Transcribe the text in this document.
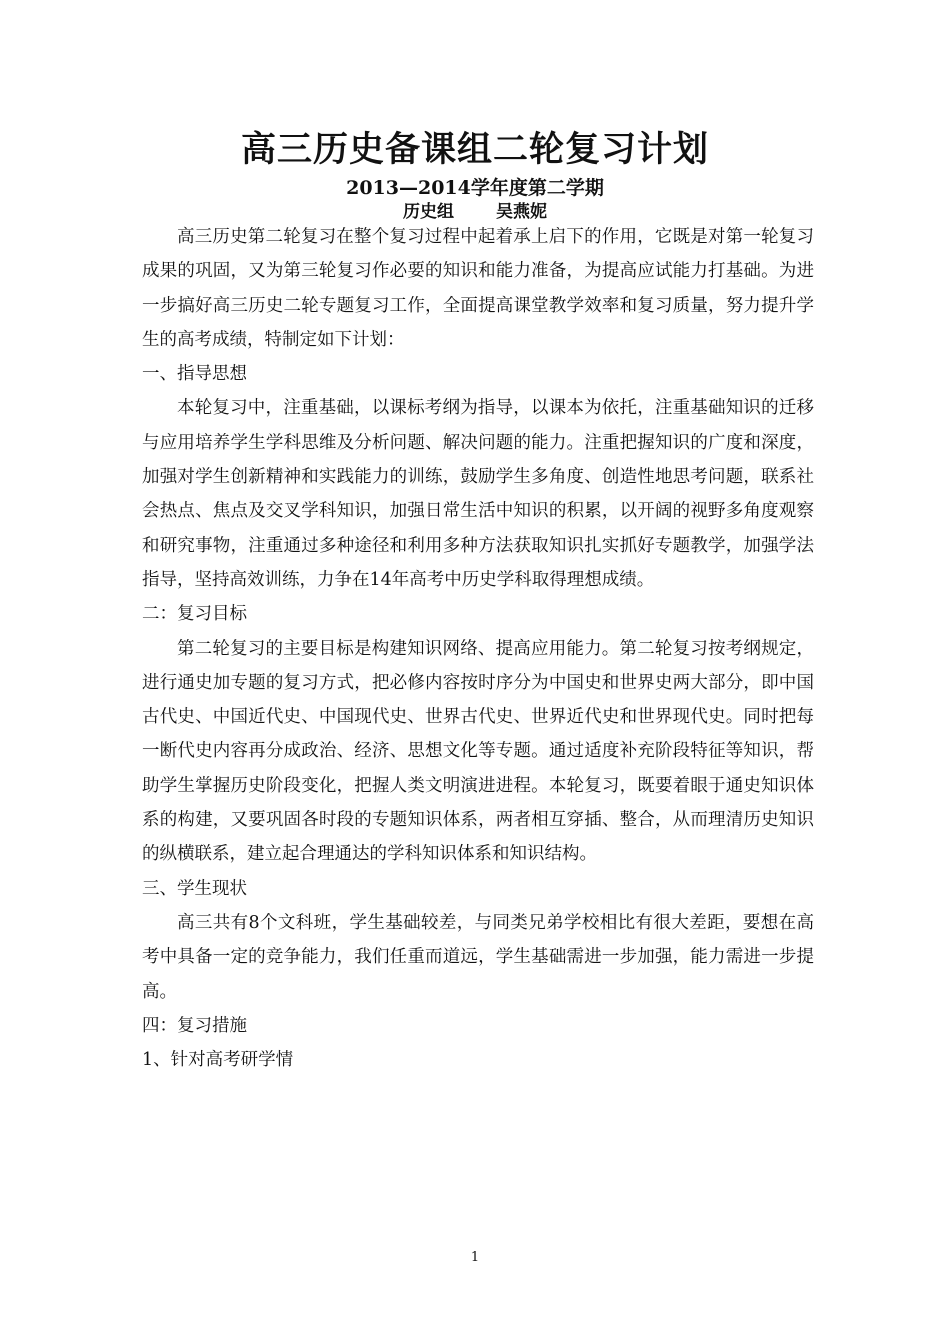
高三历史备课组二轮复习计划
2013—2014学年度第二学期
历史组 吴燕妮

高三历史第二轮复习在整个复习过程中起着承上启下的作用，它既是对第一轮复习成果的巩固，又为第三轮复习作必要的知识和能力准备，为提高应试能力打基础。为进一步搞好高三历史二轮专题复习工作，全面提高课堂教学效率和复习质量，努力提升学生的高考成绩，特制定如下计划：

一、指导思想

本轮复习中，注重基础，以课标考纲为指导，以课本为依托，注重基础知识的迁移与应用培养学生学科思维及分析问题、解决问题的能力。注重把握知识的广度和深度，加强对学生创新精神和实践能力的训练，鼓励学生多角度、创造性地思考问题，联系社会热点、焦点及交叉学科知识，加强日常生活中知识的积累，以开阔的视野多角度观察和研究事物，注重通过多种途径和利用多种方法获取知识扎实抓好专题教学，加强学法指导，坚持高效训练，力争在14年高考中历史学科取得理想成绩。

二：复习目标

第二轮复习的主要目标是构建知识网络、提高应用能力。第二轮复习按考纲规定，进行通史加专题的复习方式，把必修内容按时序分为中国史和世界史两大部分，即中国古代史、中国近代史、中国现代史、世界古代史、世界近代史和世界现代史。同时把每一断代史内容再分成政治、经济、思想文化等专题。通过适度补充阶段特征等知识，帮助学生掌握历史阶段变化，把握人类文明演进进程。本轮复习，既要着眼于通史知识体系的构建，又要巩固各时段的专题知识体系，两者相互穿插、整合，从而理清历史知识的纵横联系，建立起合理通达的学科知识体系和知识结构。

三、学生现状

高三共有8个文科班，学生基础较差，与同类兄弟学校相比有很大差距，要想在高考中具备一定的竞争能力，我们任重而道远，学生基础需进一步加强，能力需进一步提高。

四：复习措施

1、针对高考研学情

1
